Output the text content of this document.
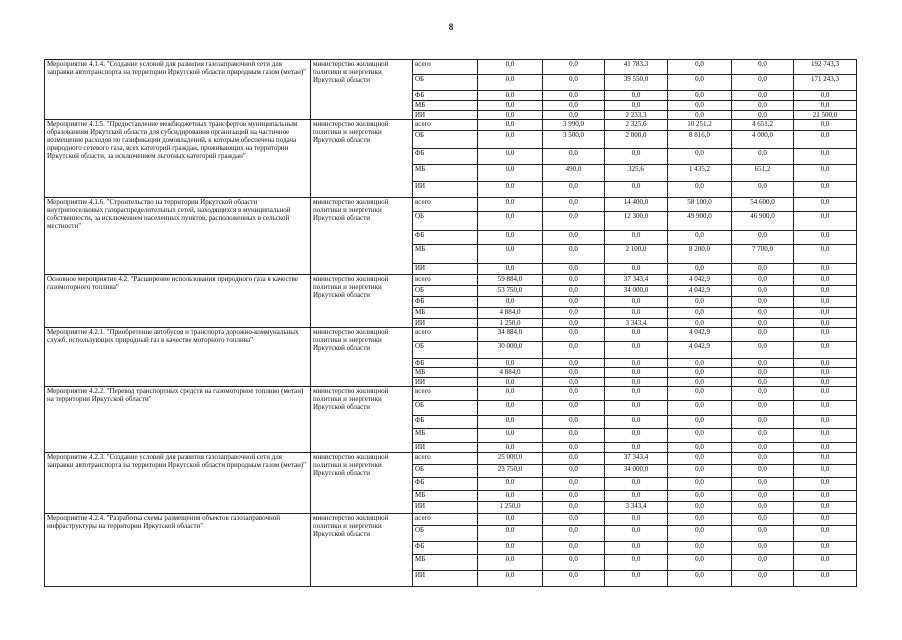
8
Мероприятие 4.1.4. "Создание условий для развития газозаправочной сети для заправки автотранспорта на территории Иркутской области природным газом (метан)"	министерство жилищной политики и энергетики Иркутской области	всего	0,0	0,0	41 783,3	0,0	0,0	192 743,3
		ОБ	0,0	0,0	39 550,0	0,0	0,0	171 243,3
		ФБ	0,0	0,0	0,0	0,0	0,0	0,0
		МБ	0,0	0,0	0,0	0,0	0,0	0,0
		ИИ	0,0	0,0	2 233,3	0,0	0,0	21 500,0
Мероприятие 4.1.5. "Предоставление межбюджетных трансфертов муниципальным образованиям Иркутской области для субсидирования организаций на частичное возмещение расходов по газификации домовладений, к которым обеспечена подача природного сетевого газа, всех категорий граждан, проживающих на территории Иркутской области, за исключением льготных категорий граждан"	министерство жилищной политики и энергетики Иркутской области	всего	0,0	3 990,0	2 325,6	10 251,2	4 651,2	0,0
		ОБ	0,0	3 500,0	2 000,0	8 816,0	4 000,0	0,0
		ФБ	0,0	0,0	0,0	0,0	0,0	0,0
		МБ	0,0	490,0	325,6	1 435,2	651,2	0,0
		ИИ	0,0	0,0	0,0	0,0	0,0	0,0
Мероприятие 4.1.6. "Строительство на территории Иркутской области внутрипоселковых газораспределительных сетей, находящихся в муниципальной собственности, за исключением населенных пунктов, расположенных в сельской местности"	министерство жилищной политики и энергетики Иркутской области	всего	0,0	0,0	14 400,0	58 100,0	54 600,0	0,0
		ОБ	0,0	0,0	12 300,0	49 900,0	46 900,0	0,0
		ФБ	0,0	0,0	0,0	0,0	0,0	0,0
		МБ	0,0	0,0	2 100,0	8 200,0	7 700,0	0,0
		ИИ	0,0	0,0	0,0	0,0	0,0	0,0
Основное мероприятие 4.2. "Расширение использования природного газа в качестве газомоторного топлива"	министерство жилищной политики и энергетики Иркутской области	всего	59 884,0	0,0	37 343,4	4 042,9	0,0	0,0
		ОБ	53 750,0	0,0	34 000,0	4 042,9	0,0	0,0
		ФБ	0,0	0,0	0,0	0,0	0,0	0,0
		МБ	4 884,0	0,0	0,0	0,0	0,0	0,0
		ИИ	1 250,0	0,0	3 343,4	0,0	0,0	0,0
Мероприятие 4.2.1. "Приобретение автобусов и транспорта дорожно-коммунальных служб, использующих природный газ в качестве моторного топлива"	министерство жилищной политики и энергетики Иркутской области	всего	34 884,0	0,0	0,0	4 042,9	0,0	0,0
		ОБ	30 000,0	0,0	0,0	4 042,9	0,0	0,0
		ФБ	0,0	0,0	0,0	0,0	0,0	0,0
		МБ	4 884,0	0,0	0,0	0,0	0,0	0,0
		ИИ	0,0	0,0	0,0	0,0	0,0	0,0
Мероприятие 4.2.2. "Перевод транспортных средств на газомоторное топливо (метан) на территории Иркутской области"	министерство жилищной политики и энергетики Иркутской области	всего	0,0	0,0	0,0	0,0	0,0	0,0
		ОБ	0,0	0,0	0,0	0,0	0,0	0,0
		ФБ	0,0	0,0	0,0	0,0	0,0	0,0
		МБ	0,0	0,0	0,0	0,0	0,0	0,0
		ИИ	0,0	0,0	0,0	0,0	0,0	0,0
Мероприятие 4.2.3. "Создание условий для развития газозаправочной сети для заправки автотранспорта на территории Иркутской области природным газом (метан)"	министерство жилищной политики и энергетики Иркутской области	всего	25 000,0	0,0	37 343,4	0,0	0,0	0,0
		ОБ	23 750,0	0,0	34 000,0	0,0	0,0	0,0
		ФБ	0,0	0,0	0,0	0,0	0,0	0,0
		МБ	0,0	0,0	0,0	0,0	0,0	0,0
		ИИ	1 250,0	0,0	3 343,4	0,0	0,0	0,0
Мероприятие 4.2.4. "Разработка схемы размещения объектов газозаправочной инфраструктуры на территории Иркутской области"	министерство жилищной политики и энергетики Иркутской области	всего	0,0	0,0	0,0	0,0	0,0	0,0
		ОБ	0,0	0,0	0,0	0,0	0,0	0,0
		ФБ	0,0	0,0	0,0	0,0	0,0	0,0
		МБ	0,0	0,0	0,0	0,0	0,0	0,0
		ИИ	0,0	0,0	0,0	0,0	0,0	0,0
